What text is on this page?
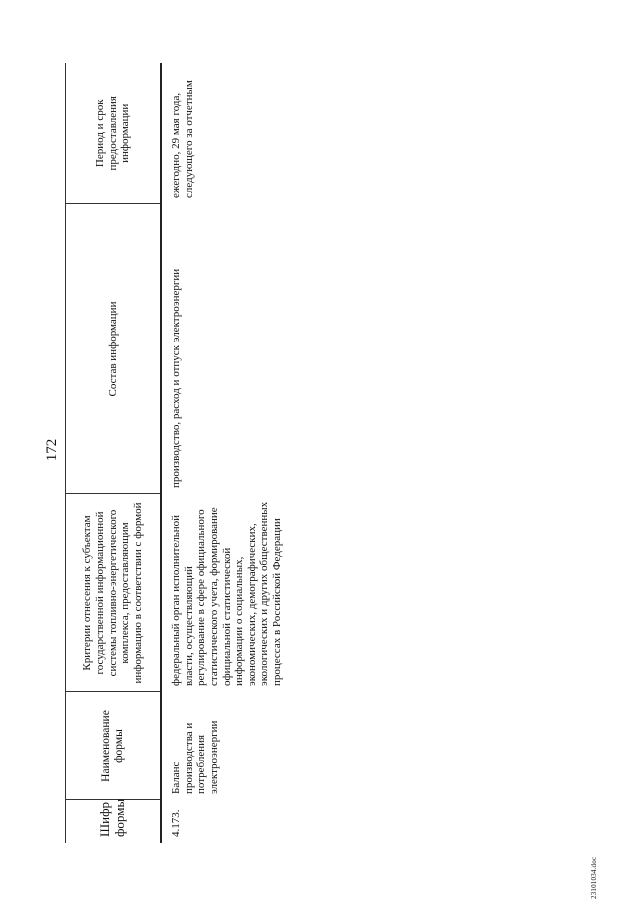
172
Шифр формы	Наименование формы	Критерии отнесения к субъектам государственной информационной системы топливно-энергетического комплекса, предоставляющим информацию в соответствии с формой	Состав информации	Период и срок предоставления информации
4.173.	Баланс производства и потребления электроэнергии	федеральный орган исполнительной власти, осуществляющий регулирование в сфере официального статистического учета, формирование официальной статистической информации о социальных, экономических, демографических, экологических и других общественных процессах в Российской Федерации	производство, расход и отпуск электроэнергии	ежегодно, 29 мая года, следующего за отчетным
23101034.doc
